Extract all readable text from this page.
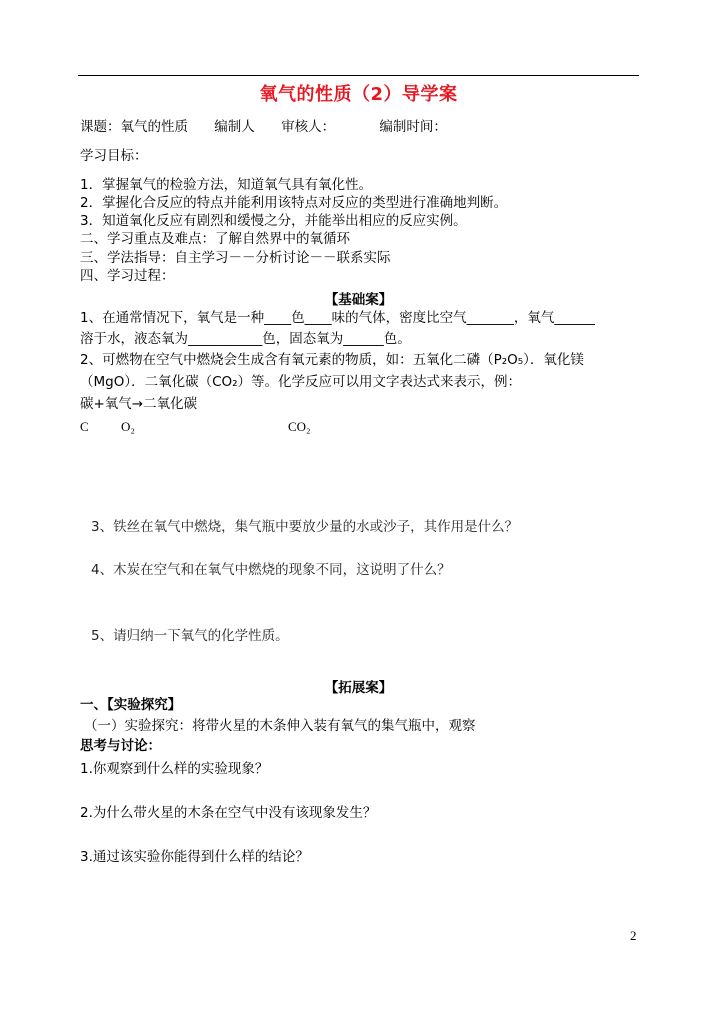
氧气的性质（2）导学案
课题：氧气的性质 编制人 审核人：	编制时间：
学习目标：
1．掌握氧气的检验方法，知道氧气具有氧化性。
2．掌握化合反应的特点并能利用该特点对反应的类型进行准确地判断。
3．知道氧化反应有剧烈和缓慢之分，并能举出相应的反应实例。
二、学习重点及难点：了解自然界中的氧循环
三、学法指导：自主学习－－分析讨论－－联系实际
四、学习过程：
【基础案】
1、在通常情况下，氧气是一种____色____味的气体，密度比空气_______，氧气______
溶于水，液态氧为___________色，固态氧为______色。
2、可燃物在空气中燃烧会生成含有氧元素的物质，如：五氧化二磷（P₂O₅）．氧化镁
（MgO）．二氧化碳（CO₂）等。化学反应可以用文字表达式来表示，例：
碳+氧气→二氧化碳
C O₂	CO₂
3、铁丝在氧气中燃烧，集气瓶中要放少量的水或沙子，其作用是什么？
4、木炭在空气和在氧气中燃烧的现象不同，这说明了什么？
5、请归纳一下氧气的化学性质。
【拓展案】
一、【实验探究】
（一）实验探究：将带火星的木条伸入装有氧气的集气瓶中，观察
思考与讨论：
1.你观察到什么样的实验现象？
2.为什么带火星的木条在空气中没有该现象发生？
3.通过该实验你能得到什么样的结论？
2
